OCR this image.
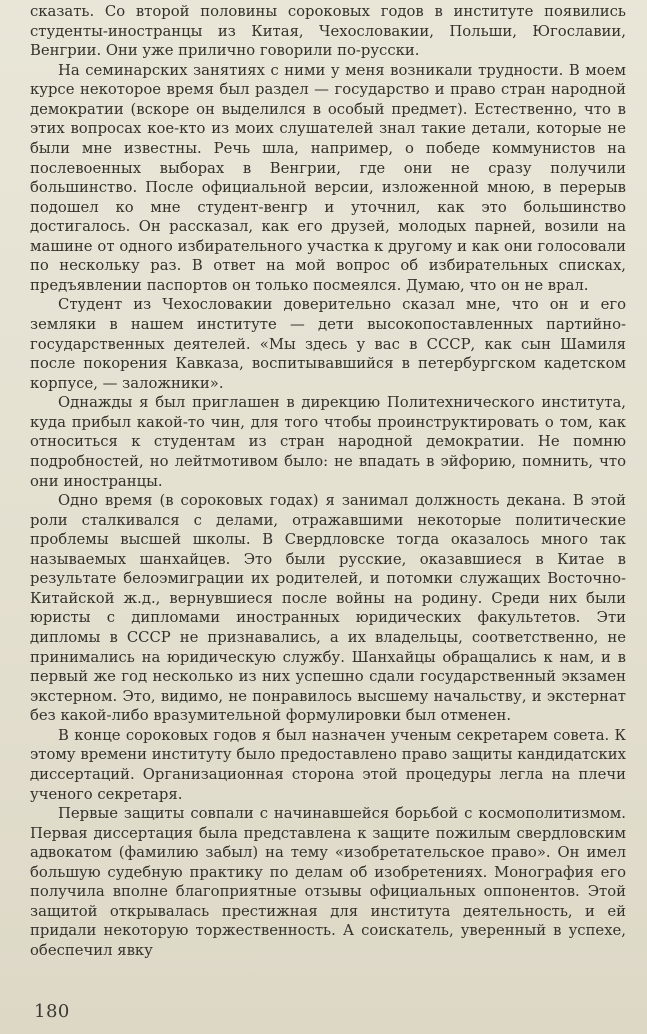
сказать. Со второй половины сороковых годов в институте появились студенты-иностранцы из Китая, Чехословакии, Польши, Югославии, Венгрии. Они уже прилично говорили по-русски.

На семинарских занятиях с ними у меня возникали трудности. В моем курсе некоторое время был раздел — государство и право стран народной демократии (вскоре он выделился в особый предмет). Естественно, что в этих вопросах кое-кто из моих слушателей знал такие детали, которые не были мне известны. Речь шла, например, о победе коммунистов на послевоенных выборах в Венгрии, где они не сразу получили большинство. После официальной версии, изложенной мною, в перерыв подошел ко мне студент-венгр и уточнил, как это большинство достигалось. Он рассказал, как его друзей, молодых парней, возили на машине от одного избирательного участка к другому и как они голосовали по нескольку раз. В ответ на мой вопрос об избирательных списках, предъявлении паспортов он только посмеялся. Думаю, что он не врал.

Студент из Чехословакии доверительно сказал мне, что он и его земляки в нашем институте — дети высокопоставленных партийно-государственных деятелей. «Мы здесь у вас в СССР, как сын Шамиля после покорения Кавказа, воспитывавшийся в петербургском кадетском корпусе, — заложники».

Однажды я был приглашен в дирекцию Политехнического института, куда прибыл какой-то чин, для того чтобы проинструктировать о том, как относиться к студентам из стран народной демократии. Не помню подробностей, но лейтмотивом было: не впадать в эйфорию, помнить, что они иностранцы.

Одно время (в сороковых годах) я занимал должность декана. В этой роли сталкивался с делами, отражавшими некоторые политические проблемы высшей школы. В Свердловске тогда оказалось много так называемых шанхайцев. Это были русские, оказавшиеся в Китае в результате белоэмиграции их родителей, и потомки служащих Восточно-Китайской ж.д., вернувшиеся после войны на родину. Среди них были юристы с дипломами иностранных юридических факультетов. Эти дипломы в СССР не признавались, а их владельцы, соответственно, не принимались на юридическую службу. Шанхайцы обращались к нам, и в первый же год несколько из них успешно сдали государственный экзамен экстерном. Это, видимо, не понравилось высшему начальству, и экстернат без какой-либо вразумительной формулировки был отменен.

В конце сороковых годов я был назначен ученым секретарем совета. К этому времени институту было предоставлено право защиты кандидатских диссертаций. Организационная сторона этой процедуры легла на плечи ученого секретаря.

Первые защиты совпали с начинавшейся борьбой с космополитизмом. Первая диссертация была представлена к защите пожилым свердловским адвокатом (фамилию забыл) на тему «изобретательское право». Он имел большую судебную практику по делам об изобретениях. Монография его получила вполне благоприятные отзывы официальных оппонентов. Этой защитой открывалась престижная для института деятельность, и ей придали некоторую торжественность. А соискатель, уверенный в успехе, обеспечил явку

180
